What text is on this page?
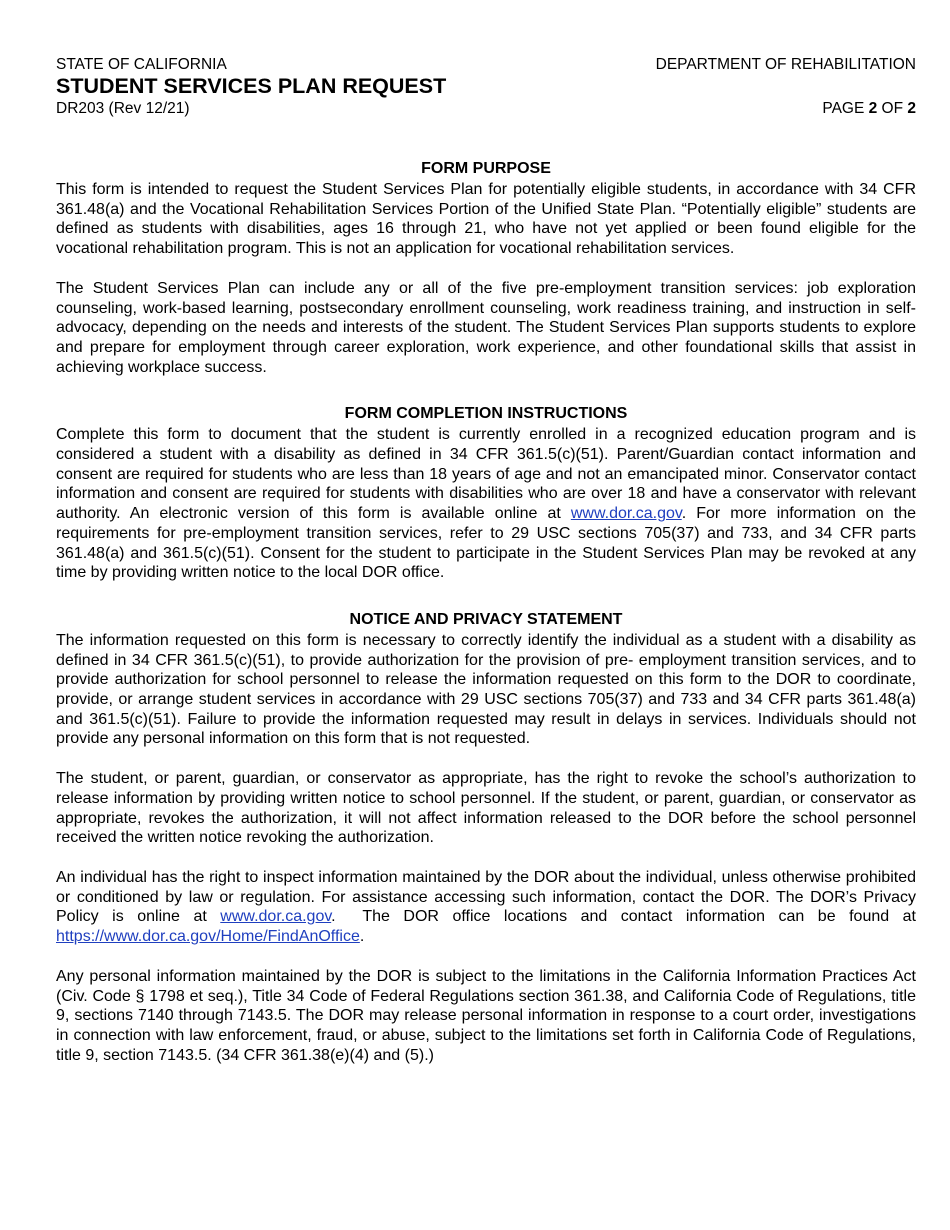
STATE OF CALIFORNIA	DEPARTMENT OF REHABILITATION
STUDENT SERVICES PLAN REQUEST
DR203 (Rev 12/21)	PAGE 2 OF 2
FORM PURPOSE

This form is intended to request the Student Services Plan for potentially eligible students, in accordance with 34 CFR 361.48(a) and the Vocational Rehabilitation Services Portion of the Unified State Plan. “Potentially eligible” students are defined as students with disabilities, ages 16 through 21, who have not yet applied or been found eligible for the vocational rehabilitation program. This is not an application for vocational rehabilitation services.

The Student Services Plan can include any or all of the five pre-employment transition services: job exploration counseling, work-based learning, postsecondary enrollment counseling, work readiness training, and instruction in self-advocacy, depending on the needs and interests of the student. The Student Services Plan supports students to explore and prepare for employment through career exploration, work experience, and other foundational skills that assist in achieving workplace success.

FORM COMPLETION INSTRUCTIONS

Complete this form to document that the student is currently enrolled in a recognized education program and is considered a student with a disability as defined in 34 CFR 361.5(c)(51). Parent/Guardian contact information and consent are required for students who are less than 18 years of age and not an emancipated minor. Conservator contact information and consent are required for students with disabilities who are over 18 and have a conservator with relevant authority. An electronic version of this form is available online at www.dor.ca.gov. For more information on the requirements for pre-employment transition services, refer to 29 USC sections 705(37) and 733, and 34 CFR parts 361.48(a) and 361.5(c)(51). Consent for the student to participate in the Student Services Plan may be revoked at any time by providing written notice to the local DOR office.

NOTICE AND PRIVACY STATEMENT

The information requested on this form is necessary to correctly identify the individual as a student with a disability as defined in 34 CFR 361.5(c)(51), to provide authorization for the provision of pre- employment transition services, and to provide authorization for school personnel to release the information requested on this form to the DOR to coordinate, provide, or arrange student services in accordance with 29 USC sections 705(37) and 733 and 34 CFR parts 361.48(a) and 361.5(c)(51). Failure to provide the information requested may result in delays in services. Individuals should not provide any personal information on this form that is not requested.

The student, or parent, guardian, or conservator as appropriate, has the right to revoke the school’s authorization to release information by providing written notice to school personnel. If the student, or parent, guardian, or conservator as appropriate, revokes the authorization, it will not affect information released to the DOR before the school personnel received the written notice revoking the authorization.

An individual has the right to inspect information maintained by the DOR about the individual, unless otherwise prohibited or conditioned by law or regulation. For assistance accessing such information, contact the DOR. The DOR’s Privacy Policy is online at www.dor.ca.gov.  The DOR office locations and contact information can be found at https://www.dor.ca.gov/Home/FindAnOffice.

Any personal information maintained by the DOR is subject to the limitations in the California Information Practices Act (Civ. Code § 1798 et seq.), Title 34 Code of Federal Regulations section 361.38, and California Code of Regulations, title 9, sections 7140 through 7143.5. The DOR may release personal information in response to a court order, investigations in connection with law enforcement, fraud, or abuse, subject to the limitations set forth in California Code of Regulations, title 9, section 7143.5. (34 CFR 361.38(e)(4) and (5).)
